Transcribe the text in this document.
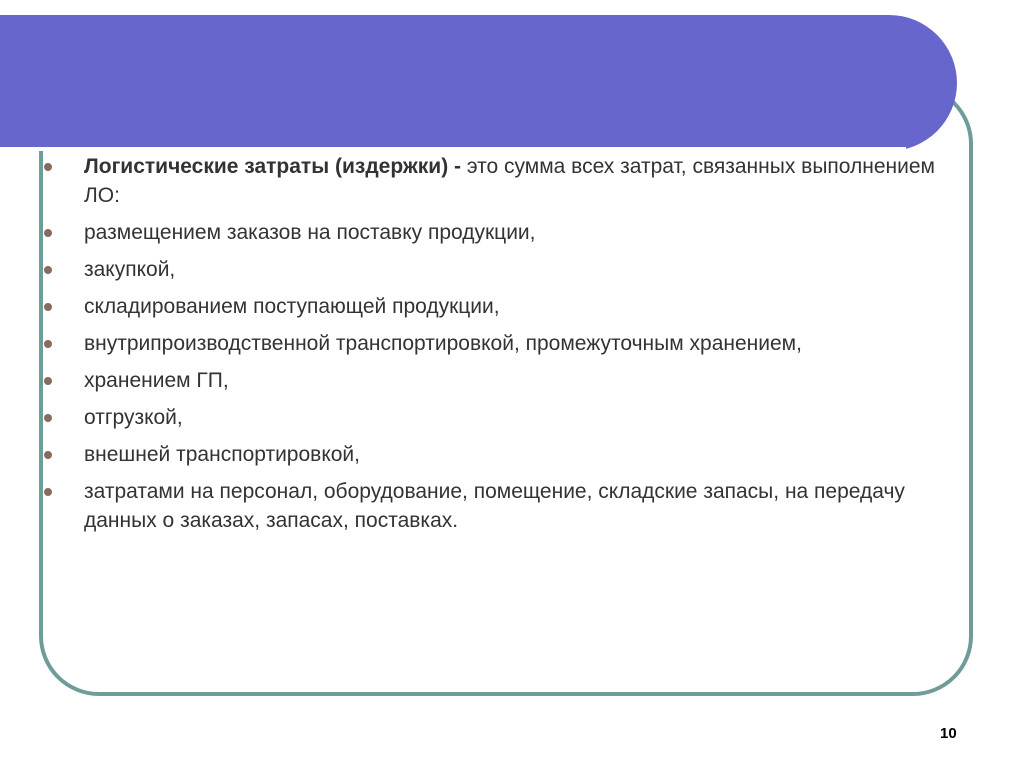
Логистические затраты (издержки) - это сумма всех затрат, связанных выполнением ЛО:
размещением заказов на поставку продукции,
закупкой,
складированием поступающей продукции,
внутрипроизводственной транспортировкой, промежуточным хранением,
хранением ГП,
отгрузкой,
внешней транспортировкой,
затратами на персонал, оборудование, помещение, складские запасы, на передачу данных о заказах, запасах, поставках.
10
